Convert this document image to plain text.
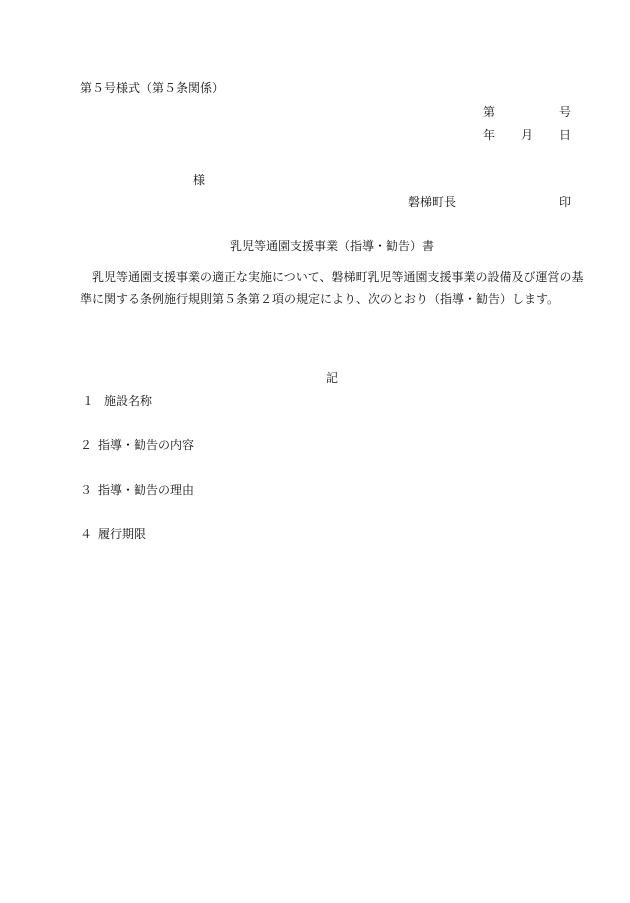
第５号様式（第５条関係）
第	号
年 月 日
様
磐梯町長	印
乳児等通園支援事業（指導・勧告）書
乳児等通園支援事業の適正な実施について、磐梯町乳児等通園支援事業の設備及び運営の基準に関する条例施行規則第５条第２項の規定により、次のとおり（指導・勧告）します。
記
１ 施設名称
２ 指導・勧告の内容
３ 指導・勧告の理由
４ 履行期限
